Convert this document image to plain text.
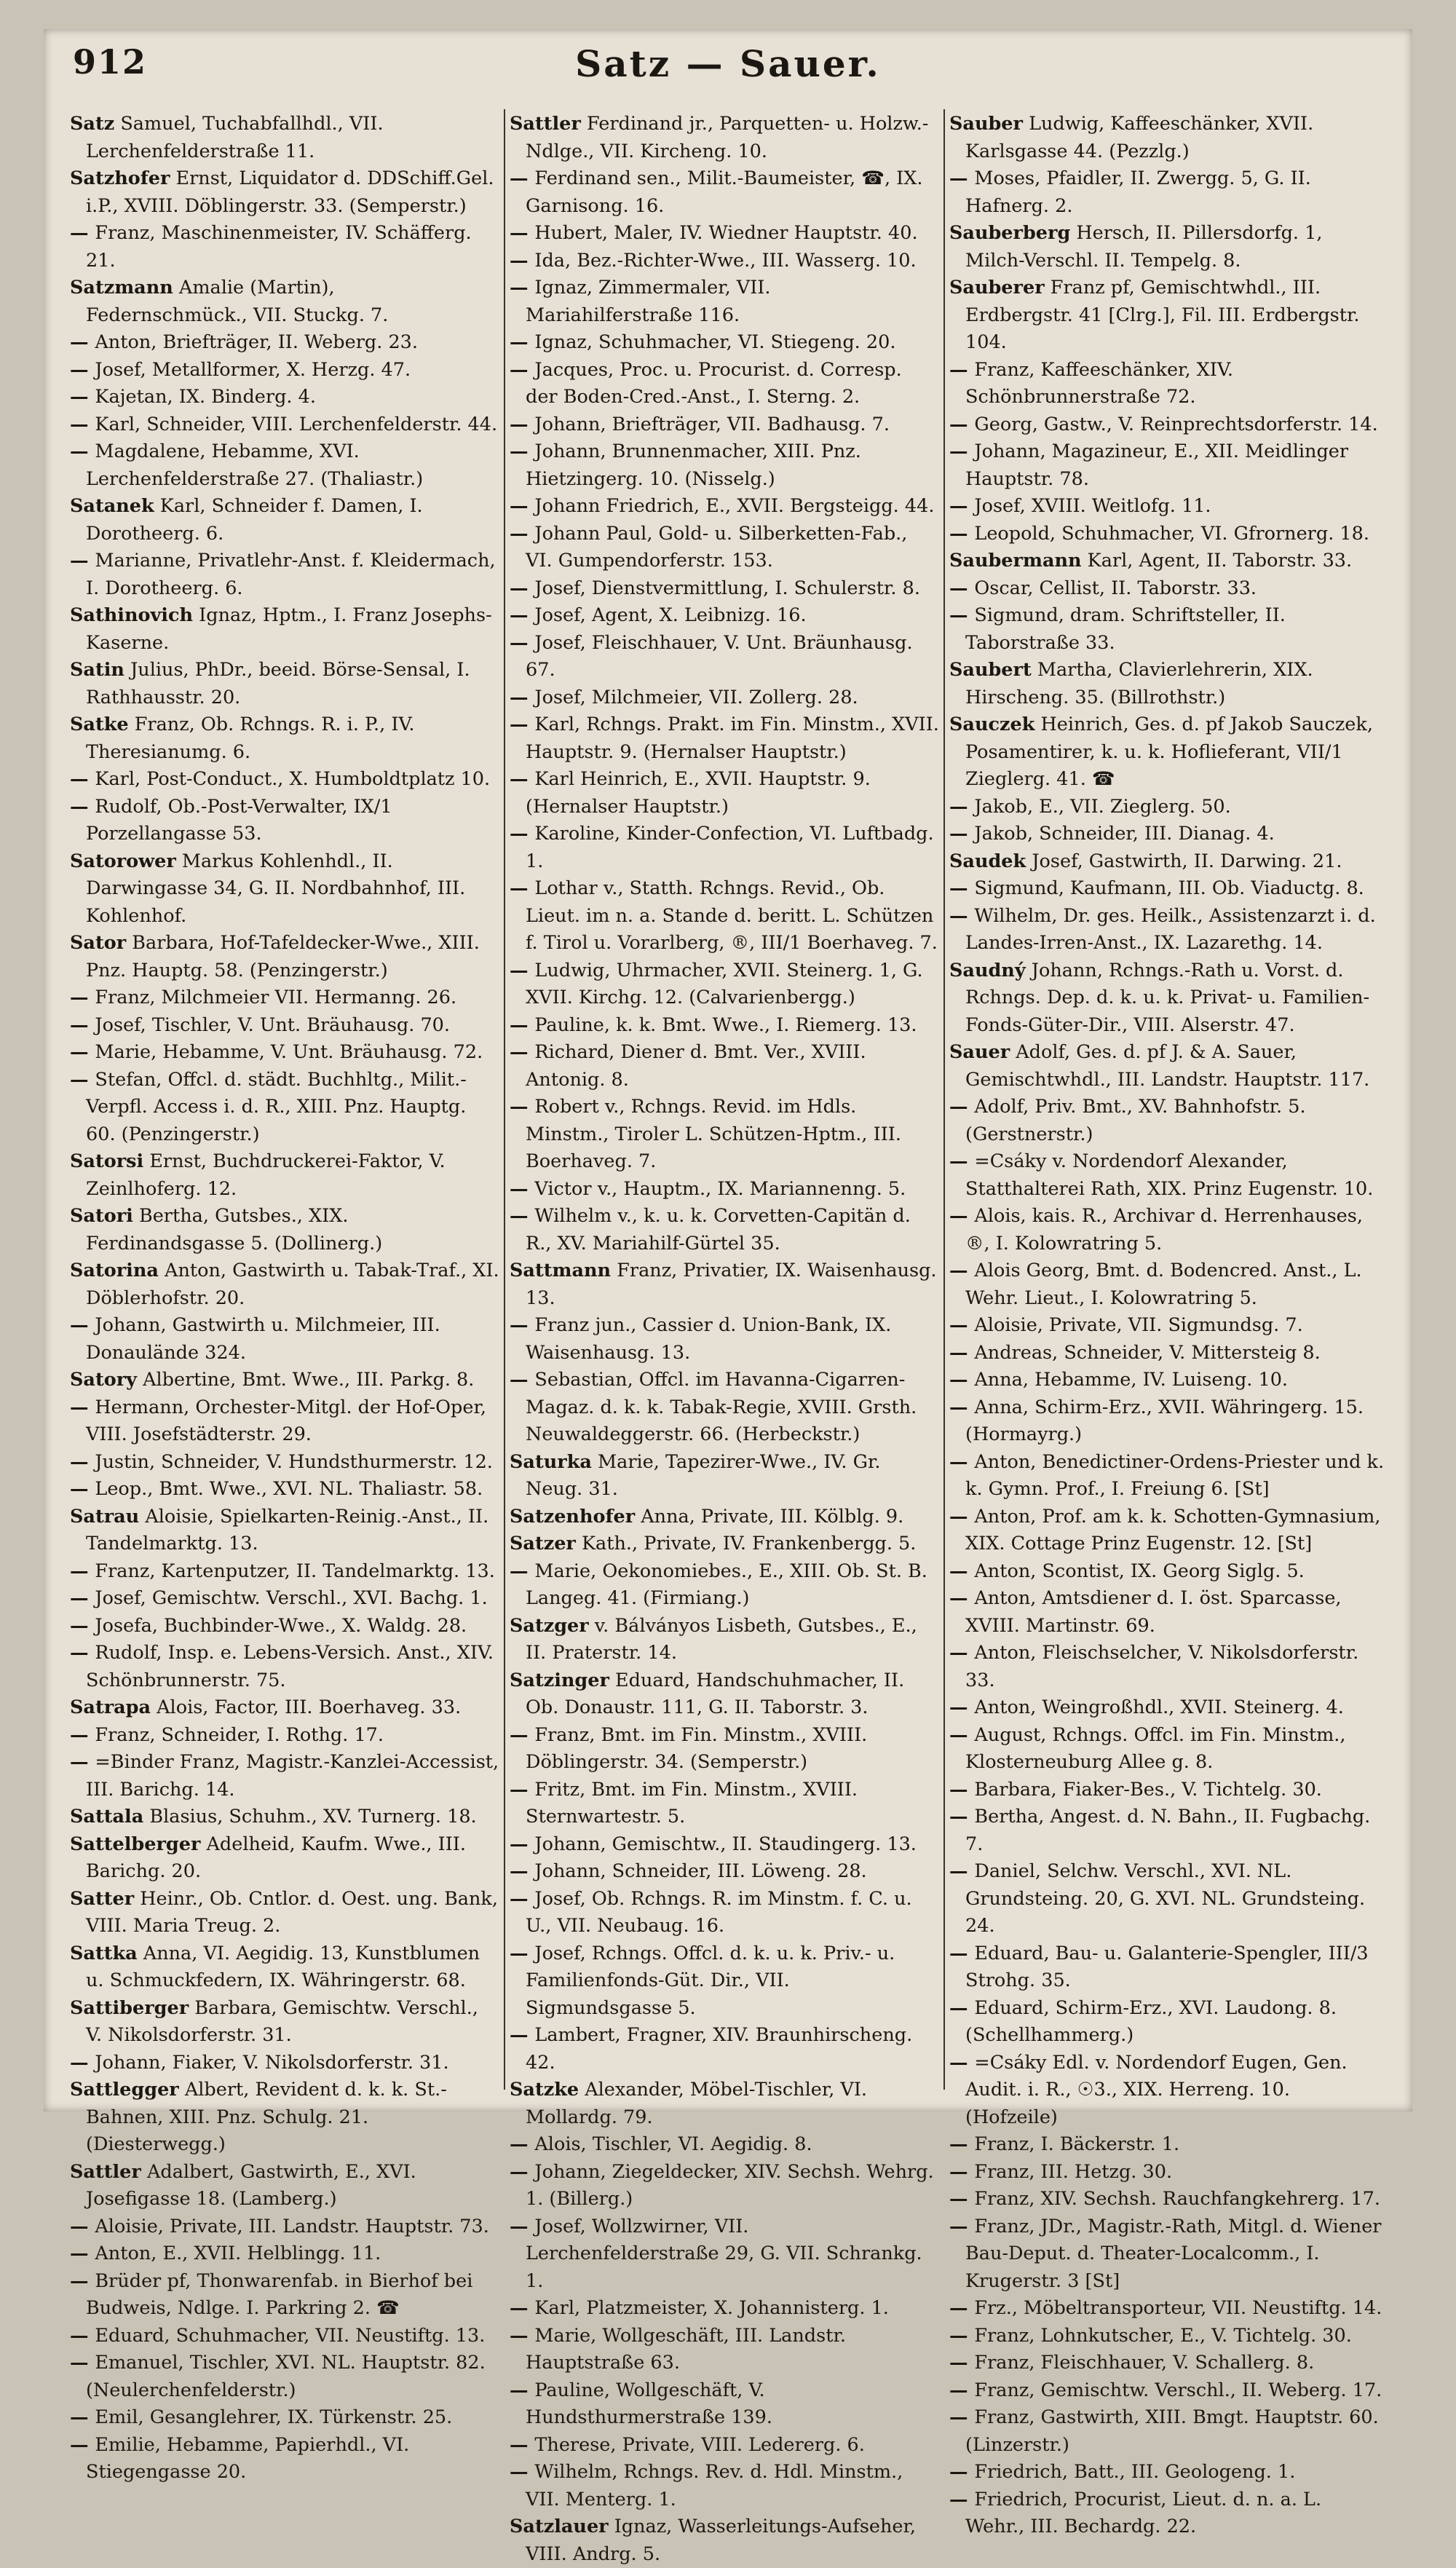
912	Satz — Sauer.

Satz Samuel, Tuchabfallhdl., VII. Lerchenfelderstraße 11.

Satzhofer Ernst, Liquidator d. DDSchiff.Gel. i.P., XVIII. Döblingerstr. 33. (Semperstr.)

— Franz, Maschinenmeister, IV. Schäfferg. 21.

Satzmann Amalie (Martin), Federnschmück., VII. Stuckg. 7.

— Anton, Briefträger, II. Weberg. 23.

— Josef, Metallformer, X. Herzg. 47.

— Kajetan, IX. Binderg. 4.

— Karl, Schneider, VIII. Lerchenfelderstr. 44.

— Magdalene, Hebamme, XVI. Lerchenfelderstraße 27. (Thaliastr.)

Satanek Karl, Schneider f. Damen, I. Dorotheerg. 6.

— Marianne, Privatlehr-Anst. f. Kleidermach, I. Dorotheerg. 6.

Sathinovich Ignaz, Hptm., I. Franz Josephs-Kaserne.

Satin Julius, PhDr., beeid. Börse-Sensal, I. Rathhausstr. 20.

Satke Franz, Ob. Rchngs. R. i. P., IV. Theresianumg. 6.

— Karl, Post-Conduct., X. Humboldtplatz 10.

— Rudolf, Ob.-Post-Verwalter, IX/1 Porzellangasse 53.

Satorower Markus Kohlenhdl., II. Darwingasse 34, G. II. Nordbahnhof, III. Kohlenhof.

Sator Barbara, Hof-Tafeldecker-Wwe., XIII. Pnz. Hauptg. 58. (Penzingerstr.)

— Franz, Milchmeier VII. Hermanng. 26.

— Josef, Tischler, V. Unt. Bräuhausg. 70.

— Marie, Hebamme, V. Unt. Bräuhausg. 72.

— Stefan, Offcl. d. städt. Buchhltg., Milit.-Verpfl. Access i. d. R., XIII. Pnz. Hauptg. 60. (Penzingerstr.)

Satorsi Ernst, Buchdruckerei-Faktor, V. Zeinlhoferg. 12.

Satori Bertha, Gutsbes., XIX. Ferdinandsgasse 5. (Dollinerg.)

Satorina Anton, Gastwirth u. Tabak-Traf., XI. Döblerhofstr. 20.

— Johann, Gastwirth u. Milchmeier, III. Donaulände 324.

Satory Albertine, Bmt. Wwe., III. Parkg. 8.

— Hermann, Orchester-Mitgl. der Hof-Oper, VIII. Josefstädterstr. 29.

— Justin, Schneider, V. Hundsthurmerstr. 12.

— Leop., Bmt. Wwe., XVI. NL. Thaliastr. 58.

Satrau Aloisie, Spielkarten-Reinig.-Anst., II. Tandelmarktg. 13.

— Franz, Kartenputzer, II. Tandelmarktg. 13.

— Josef, Gemischtw. Verschl., XVI. Bachg. 1.

— Josefa, Buchbinder-Wwe., X. Waldg. 28.

— Rudolf, Insp. e. Lebens-Versich. Anst., XIV. Schönbrunnerstr. 75.

Satrapa Alois, Factor, III. Boerhaveg. 33.

— Franz, Schneider, I. Rothg. 17.

— =Binder Franz, Magistr.-Kanzlei-Accessist, III. Barichg. 14.

Sattala Blasius, Schuhm., XV. Turnerg. 18.

Sattelberger Adelheid, Kaufm. Wwe., III. Barichg. 20.

Satter Heinr., Ob. Cntlor. d. Oest. ung. Bank, VIII. Maria Treug. 2.

Sattka Anna, VI. Aegidig. 13, Kunstblumen u. Schmuckfedern, IX. Währingerstr. 68.

Sattiberger Barbara, Gemischtw. Verschl., V. Nikolsdorferstr. 31.

— Johann, Fiaker, V. Nikolsdorferstr. 31.

Sattlegger Albert, Revident d. k. k. St.-Bahnen, XIII. Pnz. Schulg. 21. (Diesterwegg.)

Sattler Adalbert, Gastwirth, E., XVI. Josefigasse 18. (Lamberg.)

— Aloisie, Private, III. Landstr. Hauptstr. 73.

— Anton, E., XVII. Helblingg. 11.

— Brüder pf, Thonwarenfab. in Bierhof bei Budweis, Ndlge. I. Parkring 2. ☎

— Eduard, Schuhmacher, VII. Neustiftg. 13.

— Emanuel, Tischler, XVI. NL. Hauptstr. 82. (Neulerchenfelderstr.)

— Emil, Gesanglehrer, IX. Türkenstr. 25.

— Emilie, Hebamme, Papierhdl., VI. Stiegengasse 20.

Sattler Ferdinand jr., Parquetten- u. Holzw.-Ndlge., VII. Kircheng. 10.

— Ferdinand sen., Milit.-Baumeister, ☎, IX. Garnisong. 16.

— Hubert, Maler, IV. Wiedner Hauptstr. 40.

— Ida, Bez.-Richter-Wwe., III. Wasserg. 10.

— Ignaz, Zimmermaler, VII. Mariahilferstraße 116.

— Ignaz, Schuhmacher, VI. Stiegeng. 20.

— Jacques, Proc. u. Procurist. d. Corresp. der Boden-Cred.-Anst., I. Sterng. 2.

— Johann, Briefträger, VII. Badhausg. 7.

— Johann, Brunnenmacher, XIII. Pnz. Hietzingerg. 10. (Nisselg.)

— Johann Friedrich, E., XVII. Bergsteigg. 44.

— Johann Paul, Gold- u. Silberketten-Fab., VI. Gumpendorferstr. 153.

— Josef, Dienstvermittlung, I. Schulerstr. 8.

— Josef, Agent, X. Leibnizg. 16.

— Josef, Fleischhauer, V. Unt. Bräunhausg. 67.

— Josef, Milchmeier, VII. Zollerg. 28.

— Karl, Rchngs. Prakt. im Fin. Minstm., XVII. Hauptstr. 9. (Hernalser Hauptstr.)

— Karl Heinrich, E., XVII. Hauptstr. 9. (Hernalser Hauptstr.)

— Karoline, Kinder-Confection, VI. Luftbadg. 1.

— Lothar v., Statth. Rchngs. Revid., Ob. Lieut. im n. a. Stande d. beritt. L. Schützen f. Tirol u. Vorarlberg, ®, III/1 Boerhaveg. 7.

— Ludwig, Uhrmacher, XVII. Steinerg. 1, G. XVII. Kirchg. 12. (Calvarienbergg.)

— Pauline, k. k. Bmt. Wwe., I. Riemerg. 13.

— Richard, Diener d. Bmt. Ver., XVIII. Antonig. 8.

— Robert v., Rchngs. Revid. im Hdls. Minstm., Tiroler L. Schützen-Hptm., III. Boerhaveg. 7.

— Victor v., Hauptm., IX. Mariannenng. 5.

— Wilhelm v., k. u. k. Corvetten-Capitän d. R., XV. Mariahilf-Gürtel 35.

Sattmann Franz, Privatier, IX. Waisenhausg. 13.

— Franz jun., Cassier d. Union-Bank, IX. Waisenhausg. 13.

— Sebastian, Offcl. im Havanna-Cigarren-Magaz. d. k. k. Tabak-Regie, XVIII. Grsth. Neuwaldeggerstr. 66. (Herbeckstr.)

Saturka Marie, Tapezirer-Wwe., IV. Gr. Neug. 31.

Satzenhofer Anna, Private, III. Kölblg. 9.

Satzer Kath., Private, IV. Frankenbergg. 5.

— Marie, Oekonomiebes., E., XIII. Ob. St. B. Langeg. 41. (Firmiang.)

Satzger v. Bálványos Lisbeth, Gutsbes., E., II. Praterstr. 14.

Satzinger Eduard, Handschuhmacher, II. Ob. Donaustr. 111, G. II. Taborstr. 3.

— Franz, Bmt. im Fin. Minstm., XVIII. Döblingerstr. 34. (Semperstr.)

— Fritz, Bmt. im Fin. Minstm., XVIII. Sternwartestr. 5.

— Johann, Gemischtw., II. Staudingerg. 13.

— Johann, Schneider, III. Löweng. 28.

— Josef, Ob. Rchngs. R. im Minstm. f. C. u. U., VII. Neubaug. 16.

— Josef, Rchngs. Offcl. d. k. u. k. Priv.- u. Familienfonds-Güt. Dir., VII. Sigmundsgasse 5.

— Lambert, Fragner, XIV. Braunhirscheng. 42.

Satzke Alexander, Möbel-Tischler, VI. Mollardg. 79.

— Alois, Tischler, VI. Aegidig. 8.

— Johann, Ziegeldecker, XIV. Sechsh. Wehrg. 1. (Billerg.)

— Josef, Wollzwirner, VII. Lerchenfelderstraße 29, G. VII. Schrankg. 1.

— Karl, Platzmeister, X. Johannisterg. 1.

— Marie, Wollgeschäft, III. Landstr. Hauptstraße 63.

— Pauline, Wollgeschäft, V. Hundsthurmerstraße 139.

— Therese, Private, VIII. Ledererg. 6.

— Wilhelm, Rchngs. Rev. d. Hdl. Minstm., VII. Menterg. 1.

Satzlauer Ignaz, Wasserleitungs-Aufseher, VIII. Andrg. 5.

Sauber Ludwig, Kaffeeschänker, XVII. Karlsgasse 44. (Pezzlg.)

— Moses, Pfaidler, II. Zwergg. 5, G. II. Hafnerg. 2.

Sauberberg Hersch, II. Pillersdorfg. 1, Milch-Verschl. II. Tempelg. 8.

Sauberer Franz pf, Gemischtwhdl., III. Erdbergstr. 41 [Clrg.], Fil. III. Erdbergstr. 104.

— Franz, Kaffeeschänker, XIV. Schönbrunnerstraße 72.

— Georg, Gastw., V. Reinprechtsdorferstr. 14.

— Johann, Magazineur, E., XII. Meidlinger Hauptstr. 78.

— Josef, XVIII. Weitlofg. 11.

— Leopold, Schuhmacher, VI. Gfrornerg. 18.

Saubermann Karl, Agent, II. Taborstr. 33.

— Oscar, Cellist, II. Taborstr. 33.

— Sigmund, dram. Schriftsteller, II. Taborstraße 33.

Saubert Martha, Clavierlehrerin, XIX. Hirscheng. 35. (Billrothstr.)

Sauczek Heinrich, Ges. d. pf Jakob Sauczek, Posamentirer, k. u. k. Hoflieferant, VII/1 Zieglerg. 41. ☎

— Jakob, E., VII. Zieglerg. 50.

— Jakob, Schneider, III. Dianag. 4.

Saudek Josef, Gastwirth, II. Darwing. 21.

— Sigmund, Kaufmann, III. Ob. Viaductg. 8.

— Wilhelm, Dr. ges. Heilk., Assistenzarzt i. d. Landes-Irren-Anst., IX. Lazarethg. 14.

Saudný Johann, Rchngs.-Rath u. Vorst. d. Rchngs. Dep. d. k. u. k. Privat- u. Familien-Fonds-Güter-Dir., VIII. Alserstr. 47.

Sauer Adolf, Ges. d. pf J. & A. Sauer, Gemischtwhdl., III. Landstr. Hauptstr. 117.

— Adolf, Priv. Bmt., XV. Bahnhofstr. 5. (Gerstnerstr.)

— =Csáky v. Nordendorf Alexander, Statthalterei Rath, XIX. Prinz Eugenstr. 10.

— Alois, kais. R., Archivar d. Herrenhauses, ®, I. Kolowratring 5.

— Alois Georg, Bmt. d. Bodencred. Anst., L. Wehr. Lieut., I. Kolowratring 5.

— Aloisie, Private, VII. Sigmundsg. 7.

— Andreas, Schneider, V. Mittersteig 8.

— Anna, Hebamme, IV. Luiseng. 10.

— Anna, Schirm-Erz., XVII. Währingerg. 15. (Hormayrg.)

— Anton, Benedictiner-Ordens-Priester und k. k. Gymn. Prof., I. Freiung 6. [St]

— Anton, Prof. am k. k. Schotten-Gymnasium, XIX. Cottage Prinz Eugenstr. 12. [St]

— Anton, Scontist, IX. Georg Siglg. 5.

— Anton, Amtsdiener d. I. öst. Sparcasse, XVIII. Martinstr. 69.

— Anton, Fleischselcher, V. Nikolsdorferstr. 33.

— Anton, Weingroßhdl., XVII. Steinerg. 4.

— August, Rchngs. Offcl. im Fin. Minstm., Klosterneuburg Allee g. 8.

— Barbara, Fiaker-Bes., V. Tichtelg. 30.

— Bertha, Angest. d. N. Bahn., II. Fugbachg. 7.

— Daniel, Selchw. Verschl., XVI. NL. Grundsteing. 20, G. XVI. NL. Grundsteing. 24.

— Eduard, Bau- u. Galanterie-Spengler, III/3 Strohg. 35.

— Eduard, Schirm-Erz., XVI. Laudong. 8. (Schellhammerg.)

— =Csáky Edl. v. Nordendorf Eugen, Gen. Audit. i. R., ☉3., XIX. Herreng. 10. (Hofzeile)

— Franz, I. Bäckerstr. 1.

— Franz, III. Hetzg. 30.

— Franz, XIV. Sechsh. Rauchfangkehrerg. 17.

— Franz, JDr., Magistr.-Rath, Mitgl. d. Wiener Bau-Deput. d. Theater-Localcomm., I. Krugerstr. 3 [St]

— Frz., Möbeltransporteur, VII. Neustiftg. 14.

— Franz, Lohnkutscher, E., V. Tichtelg. 30.

— Franz, Fleischhauer, V. Schallerg. 8.

— Franz, Gemischtw. Verschl., II. Weberg. 17.

— Franz, Gastwirth, XIII. Bmgt. Hauptstr. 60. (Linzerstr.)

— Friedrich, Batt., III. Geologeng. 1.

— Friedrich, Procurist, Lieut. d. n. a. L. Wehr., III. Bechardg. 22.
